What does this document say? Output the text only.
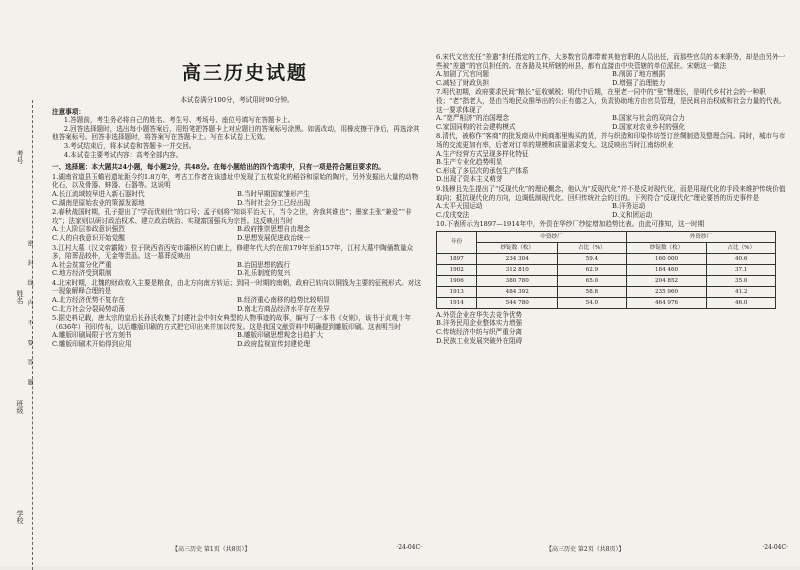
考号
姓名
班级
学校
密 封 线 内 不 要 答 题
高三历史试题

本试卷满分100分，考试用时90分钟。

注意事项：

1.答题前，考生务必将自己的姓名、考生号、考场号、座位号填写在答题卡上。

2.回答选择题时，选出每小题答案后，用铅笔把答题卡上对应题目的答案标号涂黑。如需改动，用橡皮擦干净后，再选涂其他答案标号。回答非选择题时，将答案写在答题卡上。写在本试卷上无效。

3.考试结束后，将本试卷和答题卡一并交回。

4.本试卷主要考试内容：高考全部内容。

一、选择题：本大题共24小题，每小题2分，共48分。在每小题给出的四个选项中，只有一项是符合题目要求的。

1.湖南省道县玉蟾岩遗址距今约1.8万年，考古工作者在该遗址中发现了五枚炭化的稻谷和原始的陶片，另外发掘出大量的动物化石，以及骨器、蚌器、石器等。这说明

A.长江流域较早进入新石器时代	B.当时早期国家雏形产生
C.湖南是原始农业的策源发源地	D.当时社会分工已经出现

2.春秋战国时期，孔子提出了“学而优则仕”的口号；孟子则将“知谈平治天下，当今之世，舍我其谁也”；墨家主张“兼爱”“非攻”；法家则以研讨政治权术、建立政治统治、实现富国强兵为宗旨。这反映出当时

A.士人阶层参政意识强烈	B.政府推崇思想自由理念
C.人的自我意识开始觉醒	D.思想发展促进政治统一

3.江村大墓（汉文帝霸陵）位于陕西省西安市灞桥区的白鹿上，修建年代大约在前179年至前157年，江村大墓中陶俑数量众多，陪葬品较朴，无金等贵品。这一墓葬反映出

A.社会贫富分化严重	B.治国思想的践行
C.地方经济受到限制	D.礼乐制度的复兴

4.北宋时期，北魏的财政收入主要是粮食，由北方向南方转运；到同一时期的南朝，政府已转向以铜钱为主要的征税形式。对这一现象解释合理的是

A.北方经济优势不复存在	B.经济重心南移的趋势比较明显
C.北方社会分裂局势动荡	D.南北方商品经济水平存在差异

5.据史料记载，唐太宗的皇后长孙氏收集了封建社会中妇女典型的人物事迹的故事，编写了一本书《女则》，该书于贞观十年（636年）刊印传布，以后雕版印刷的方式把它印出来并加以传发。这是我国文献资料中明确提到雕版印刷。这表明当时

A.雕版印刷局限于官方刻书	B.雕版印刷思想观念日趋扩大
C.雕版印刷术开始得到应用	D.政府监视宣传封建伦理

6.宋代文官充任“差遣”担任指定的工作，大多数官员都带着其他官职的人员出任，而那些官员的本来职务，却是由另外一些被“差遣”的官员担任的。在各路及其所辖的州县，都有直接由中央管辖的单位派驻。宋朝这一做法

A.加剧了冗官问题	B.削弱了地方割据
C.减轻了财政负担	D.增强了治理能力

7.明代初期，政府要求民间“粮长”征收赋税；明代中后期，在里老一同中的“里”赞理长，是明代乡村社会的一种职役；“老”指老人，是由当地民众推举出的公正有德之人，负责协助地方由官员管理，是民间自治权威和社会力量的代表。这一要求体现了

A.“宽严相济”的治国理念	B.国家与社会的双向合力
C.家国同构的社会建构模式	D.国家对农业乡村的强化

8.清代，被称作“客商”的批发商从中间商那里购买的货，并与织造和印染作坊签订丝绸制造及整理合同。同时，城市与市场的交流更加有率，后者对订单的规模和质量需求变大。这反映出当时江南纺织业

A.生产经营方式呈现多样化特征

B.生产专业化趋势明显

C.形成了多层次的承包生产体系

D.出现了资本主义萌芽

9.钱穆且先生提出了“反现代化”的理论概念，他认为“反现代化”并不是反对现代化，而是用现代化的手段来维护传统价值取向；抵抗现代化的方向，边调低制现代化、回归传统社会的目的。下列符合“反现代化”理论要旨的历史事件是

A.太平天国运动	B.洋务运动
C.戊戌变法	D.义和团运动

10.下表所示为1897—1914年中，外资在华纱厂纱锭增加趋势比表。由此可推知，这一时期

年份	中资纱厂		外资纱厂	
	纱锭数（枚）	占比（%）	纱锭数（枚）	占比（%）
1897	234 304	59.4	160 000	40.6
1902	312 810	62.9	184 460	37.1
1906	380 780	65.0	204 852	35.0
1913	484 392	58.8	235 960	41.2
1914	544 780	54.0	464 976	46.0

A.外资企业在华失去竞争优势

B.洋务民用企业整体实力增强

C.传统经济中纺与织严重分离

D.民族工业发展突破外在阻碍

【高三历史 第1页（共8页）】	·24-04C·	【高三历史 第2页（共8页）】	·24-04C·
